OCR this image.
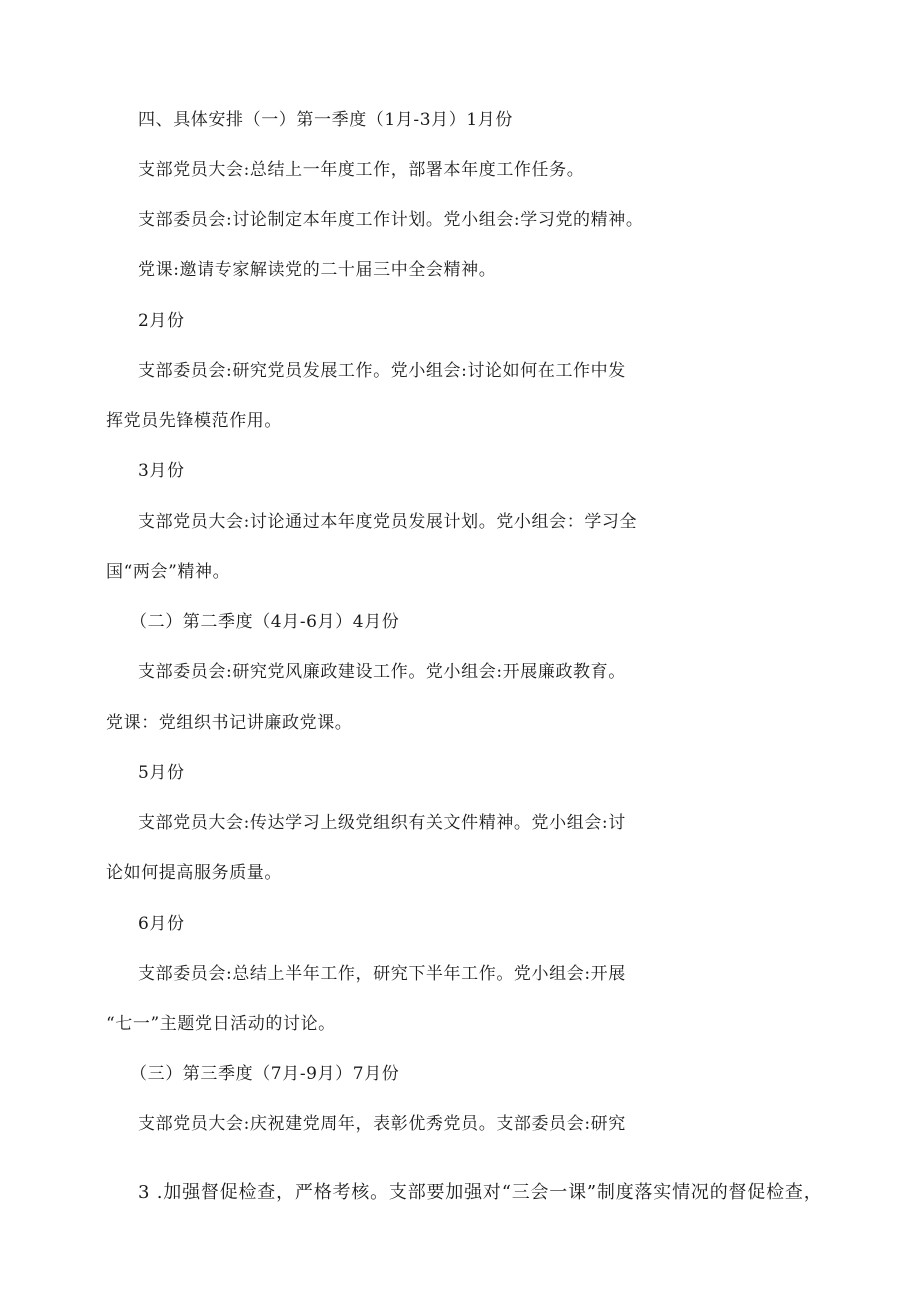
四、具体安排（一）第一季度（1月-3月）1月份
支部党员大会:总结上一年度工作，部署本年度工作任务。
支部委员会:讨论制定本年度工作计划。党小组会:学习党的精神。
党课:邀请专家解读党的二十届三中全会精神。
2月份
支部委员会:研究党员发展工作。党小组会:讨论如何在工作中发
挥党员先锋模范作用。
3月份
支部党员大会:讨论通过本年度党员发展计划。党小组会：学习全
国“两会”精神。
（二）第二季度（4月-6月）4月份
支部委员会:研究党风廉政建设工作。党小组会:开展廉政教育。
党课：党组织书记讲廉政党课。
5月份
支部党员大会:传达学习上级党组织有关文件精神。党小组会:讨
论如何提高服务质量。
6月份
支部委员会:总结上半年工作，研究下半年工作。党小组会:开展
“七一”主题党日活动的讨论。
（三）第三季度（7月-9月）7月份
支部党员大会:庆祝建党周年，表彰优秀党员。支部委员会:研究
3 .加强督促检查，严格考核。支部要加强对“三会一课”制度落实情况的督促检查，
